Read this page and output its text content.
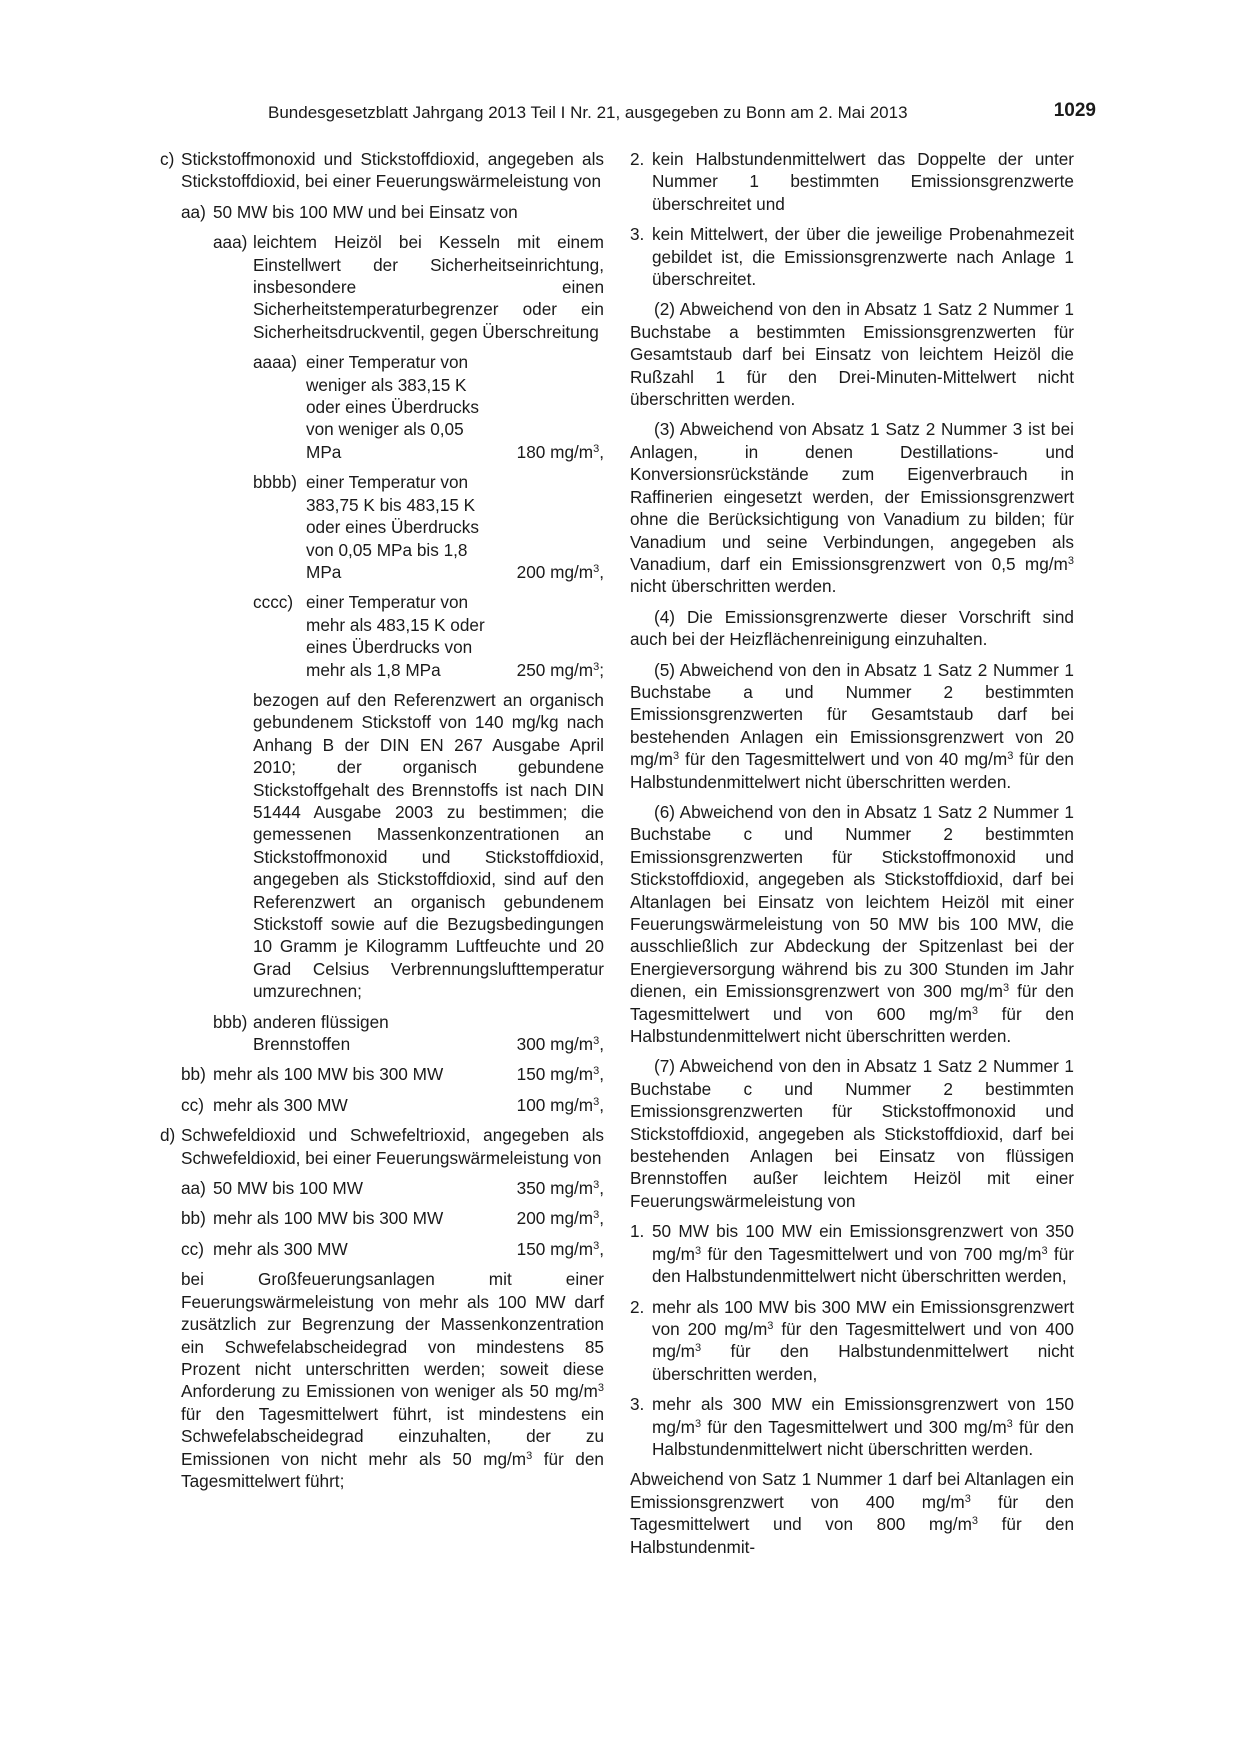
Bundesgesetzblatt Jahrgang 2013 Teil I Nr. 21, ausgegeben zu Bonn am 2. Mai 2013	1029
c) Stickstoffmonoxid und Stickstoffdioxid, angegeben als Stickstoffdioxid, bei einer Feuerungswärmeleistung von
aa) 50 MW bis 100 MW und bei Einsatz von
aaa) leichtem Heizöl bei Kesseln mit einem Einstellwert der Sicherheitseinrichtung, insbesondere einen Sicherheitstemperaturbegrenzer oder ein Sicherheitsdruckventil, gegen Überschreitung
aaaa) einer Temperatur von weniger als 383,15 K oder eines Überdrucks von weniger als 0,05 MPa	180 $mg/m^3$,
bbbb) einer Temperatur von 383,75 K bis 483,15 K oder eines Überdrucks von 0,05 MPa bis 1,8 MPa	200 $mg/m^3$,
cccc) einer Temperatur von mehr als 483,15 K oder eines Überdrucks von mehr als 1,8 MPa	250 $mg/m^3$;
bezogen auf den Referenzwert an organisch gebundenem Stickstoff von 140 mg/kg nach Anhang B der DIN EN 267 Ausgabe April 2010; der organisch gebundene Stickstoffgehalt des Brennstoffs ist nach DIN 51444 Ausgabe 2003 zu bestimmen; die gemessenen Massenkonzentrationen an Stickstoffmonoxid und Stickstoffdioxid, angegeben als Stickstoffdioxid, sind auf den Referenzwert an organisch gebundenem Stickstoff sowie auf die Bezugsbedingungen 10 Gramm je Kilogramm Luftfeuchte und 20 Grad Celsius Verbrennungslufttemperatur umzurechnen;
bbb) anderen flüssigen Brennstoffen	300 $mg/m^3$,
bb) mehr als 100 MW bis 300 MW	150 $mg/m^3$,
cc) mehr als 300 MW	100 $mg/m^3$,
d) Schwefeldioxid und Schwefeltrioxid, angegeben als Schwefeldioxid, bei einer Feuerungswärmeleistung von
aa) 50 MW bis 100 MW	350 $mg/m^3$,
bb) mehr als 100 MW bis 300 MW	200 $mg/m^3$,
cc) mehr als 300 MW	150 $mg/m^3$,
bei Großfeuerungsanlagen mit einer Feuerungswärmeleistung von mehr als 100 MW darf zusätzlich zur Begrenzung der Massenkonzentration ein Schwefelabscheidegrad von mindestens 85 Prozent nicht unterschritten werden; soweit diese Anforderung zu Emissionen von weniger als 50 $mg/m^3$ für den Tagesmittelwert führt, ist mindestens ein Schwefelabscheidegrad einzuhalten, der zu Emissionen von nicht mehr als 50 $mg/m^3$ für den Tagesmittelwert führt;
2. kein Halbstundenmittelwert das Doppelte der unter Nummer 1 bestimmten Emissionsgrenzwerte überschreitet und
3. kein Mittelwert, der über die jeweilige Probenahmezeit gebildet ist, die Emissionsgrenzwerte nach Anlage 1 überschreitet.
(2) Abweichend von den in Absatz 1 Satz 2 Nummer 1 Buchstabe a bestimmten Emissionsgrenzwerten für Gesamtstaub darf bei Einsatz von leichtem Heizöl die Rußzahl 1 für den Drei-Minuten-Mittelwert nicht überschritten werden.
(3) Abweichend von Absatz 1 Satz 2 Nummer 3 ist bei Anlagen, in denen Destillations- und Konversionsrückstände zum Eigenverbrauch in Raffinerien eingesetzt werden, der Emissionsgrenzwert ohne die Berücksichtigung von Vanadium zu bilden; für Vanadium und seine Verbindungen, angegeben als Vanadium, darf ein Emissionsgrenzwert von 0,5 $mg/m^3$ nicht überschritten werden.
(4) Die Emissionsgrenzwerte dieser Vorschrift sind auch bei der Heizflächenreinigung einzuhalten.
(5) Abweichend von den in Absatz 1 Satz 2 Nummer 1 Buchstabe a und Nummer 2 bestimmten Emissionsgrenzwerten für Gesamtstaub darf bei bestehenden Anlagen ein Emissionsgrenzwert von 20 $mg/m^3$ für den Tagesmittelwert und von 40 $mg/m^3$ für den Halbstundenmittelwert nicht überschritten werden.
(6) Abweichend von den in Absatz 1 Satz 2 Nummer 1 Buchstabe c und Nummer 2 bestimmten Emissionsgrenzwerten für Stickstoffmonoxid und Stickstoffdioxid, angegeben als Stickstoffdioxid, darf bei Altanlagen bei Einsatz von leichtem Heizöl mit einer Feuerungswärmeleistung von 50 MW bis 100 MW, die ausschließlich zur Abdeckung der Spitzenlast bei der Energieversorgung während bis zu 300 Stunden im Jahr dienen, ein Emissionsgrenzwert von 300 $mg/m^3$ für den Tagesmittelwert und von 600 $mg/m^3$ für den Halbstundenmittelwert nicht überschritten werden.
(7) Abweichend von den in Absatz 1 Satz 2 Nummer 1 Buchstabe c und Nummer 2 bestimmten Emissionsgrenzwerten für Stickstoffmonoxid und Stickstoffdioxid, angegeben als Stickstoffdioxid, darf bei bestehenden Anlagen bei Einsatz von flüssigen Brennstoffen außer leichtem Heizöl mit einer Feuerungswärmeleistung von
1. 50 MW bis 100 MW ein Emissionsgrenzwert von 350 $mg/m^3$ für den Tagesmittelwert und von 700 $mg/m^3$ für den Halbstundenmittelwert nicht überschritten werden,
2. mehr als 100 MW bis 300 MW ein Emissionsgrenzwert von 200 $mg/m^3$ für den Tagesmittelwert und von 400 $mg/m^3$ für den Halbstundenmittelwert nicht überschritten werden,
3. mehr als 300 MW ein Emissionsgrenzwert von 150 $mg/m^3$ für den Tagesmittelwert und 300 $mg/m^3$ für den Halbstundenmittelwert nicht überschritten werden.
Abweichend von Satz 1 Nummer 1 darf bei Altanlagen ein Emissionsgrenzwert von 400 $mg/m^3$ für den Tagesmittelwert und von 800 $mg/m^3$ für den Halbstundenmit-
